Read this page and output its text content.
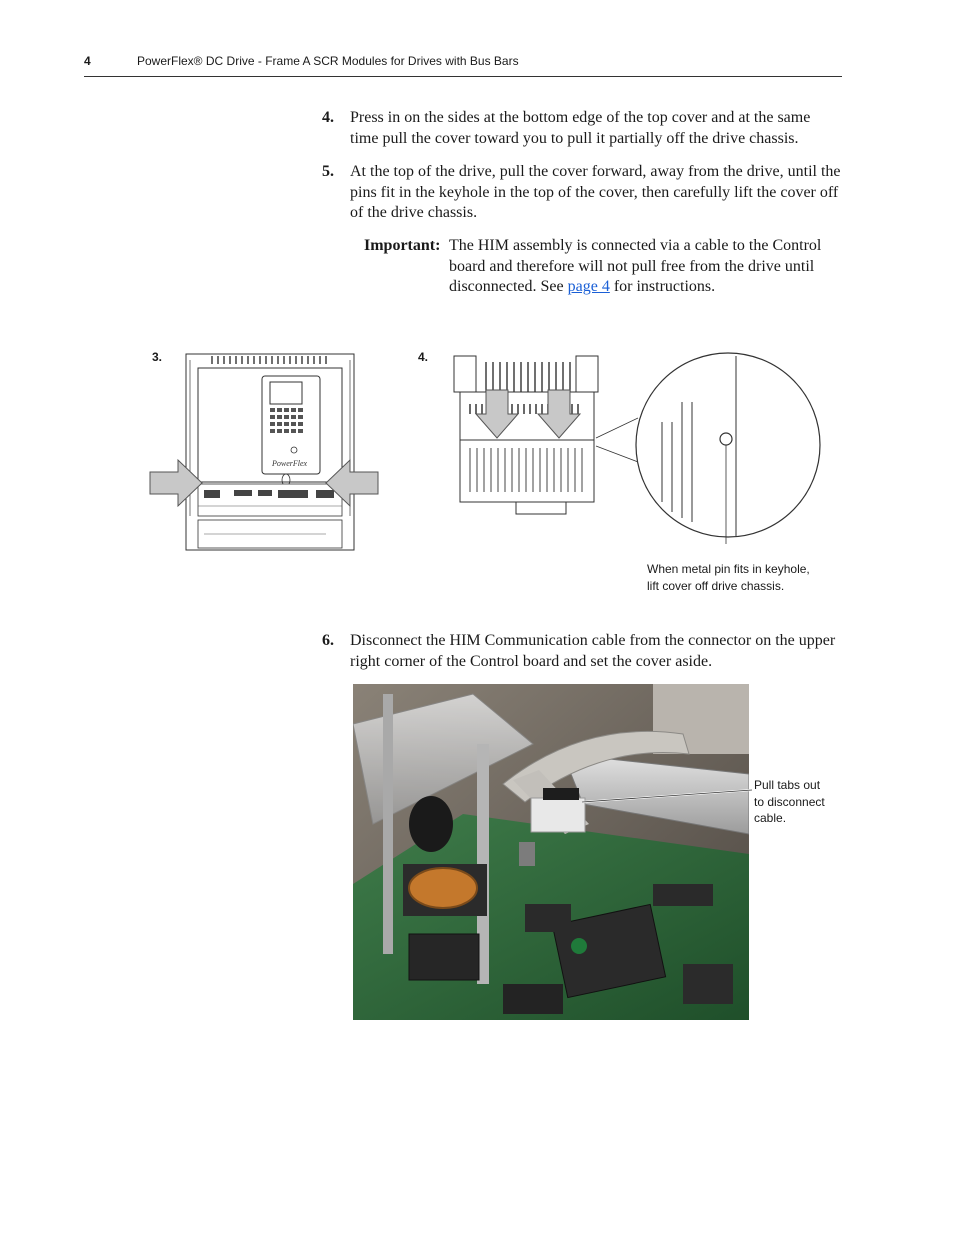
4	PowerFlex® DC Drive - Frame A SCR Modules for Drives with Bus Bars
4. Press in on the sides at the bottom edge of the top cover and at the same time pull the cover toward you to pull it partially off the drive chassis.
5. At the top of the drive, pull the cover forward, away from the drive, until the pins fit in the keyhole in the top of the cover, then carefully lift the cover off of the drive chassis.
Important: The HIM assembly is connected via a cable to the Control board and therefore will not pull free from the drive until disconnected. See page 4 for instructions.
3.	4.
PowerFlex
When metal pin fits in keyhole,
lift cover off drive chassis.
6. Disconnect the HIM Communication cable from the connector on the upper right corner of the Control board and set the cover aside.
Pull tabs out
to disconnect
cable.
